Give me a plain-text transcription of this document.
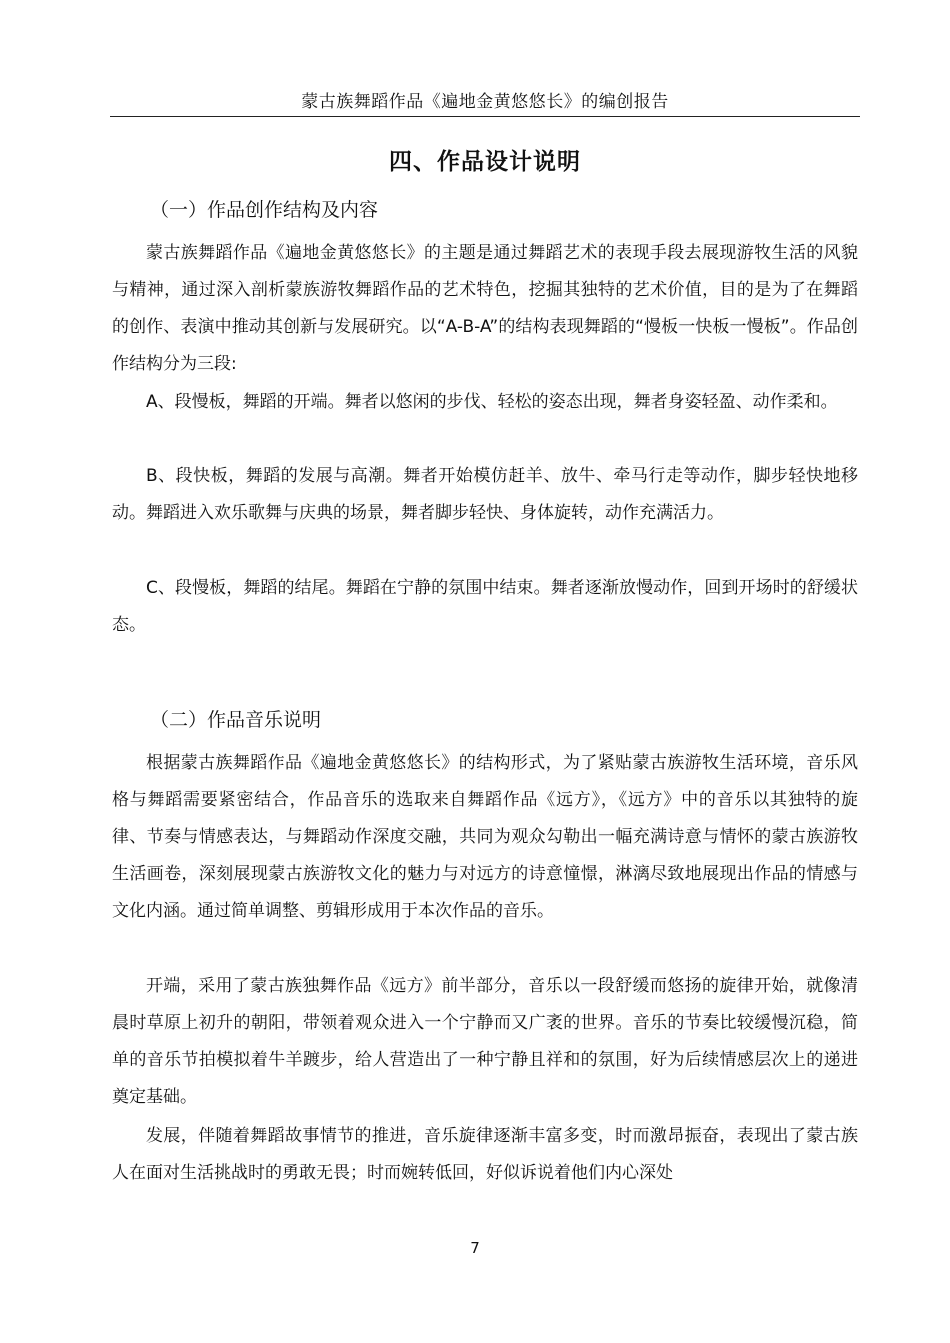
蒙古族舞蹈作品《遍地金黄悠悠长》的编创报告
四、作品设计说明
（一）作品创作结构及内容

蒙古族舞蹈作品《遍地金黄悠悠长》的主题是通过舞蹈艺术的表现手段去展现游牧生活的风貌与精神，通过深入剖析蒙族游牧舞蹈作品的艺术特色，挖掘其独特的艺术价值，目的是为了在舞蹈的创作、表演中推动其创新与发展研究。以“A-B-A”的结构表现舞蹈的“慢板一快板一慢板”。作品创作结构分为三段:

A、段慢板，舞蹈的开端。舞者以悠闲的步伐、轻松的姿态出现，舞者身姿轻盈、动作柔和。

B、段快板，舞蹈的发展与高潮。舞者开始模仿赶羊、放牛、牵马行走等动作，脚步轻快地移动。舞蹈进入欢乐歌舞与庆典的场景，舞者脚步轻快、身体旋转，动作充满活力。

C、段慢板，舞蹈的结尾。舞蹈在宁静的氛围中结束。舞者逐渐放慢动作，回到开场时的舒缓状态。

（二）作品音乐说明

根据蒙古族舞蹈作品《遍地金黄悠悠长》的结构形式，为了紧贴蒙古族游牧生活环境，音乐风格与舞蹈需要紧密结合，作品音乐的选取来自舞蹈作品《远方》，《远方》中的音乐以其独特的旋律、节奏与情感表达，与舞蹈动作深度交融，共同为观众勾勒出一幅充满诗意与情怀的蒙古族游牧生活画卷，深刻展现蒙古族游牧文化的魅力与对远方的诗意憧憬，淋漓尽致地展现出作品的情感与文化内涵。通过简单调整、剪辑形成用于本次作品的音乐。

开端，采用了蒙古族独舞作品《远方》前半部分，音乐以一段舒缓而悠扬的旋律开始，就像清晨时草原上初升的朝阳，带领着观众进入一个宁静而又广袤的世界。音乐的节奏比较缓慢沉稳，简单的音乐节拍模拟着牛羊踱步，给人营造出了一种宁静且祥和的氛围，好为后续情感层次上的递进奠定基础。

发展，伴随着舞蹈故事情节的推进，音乐旋律逐渐丰富多变，时而激昂振奋，表现出了蒙古族人在面对生活挑战时的勇敢无畏；时而婉转低回，好似诉说着他们内心深处

7
